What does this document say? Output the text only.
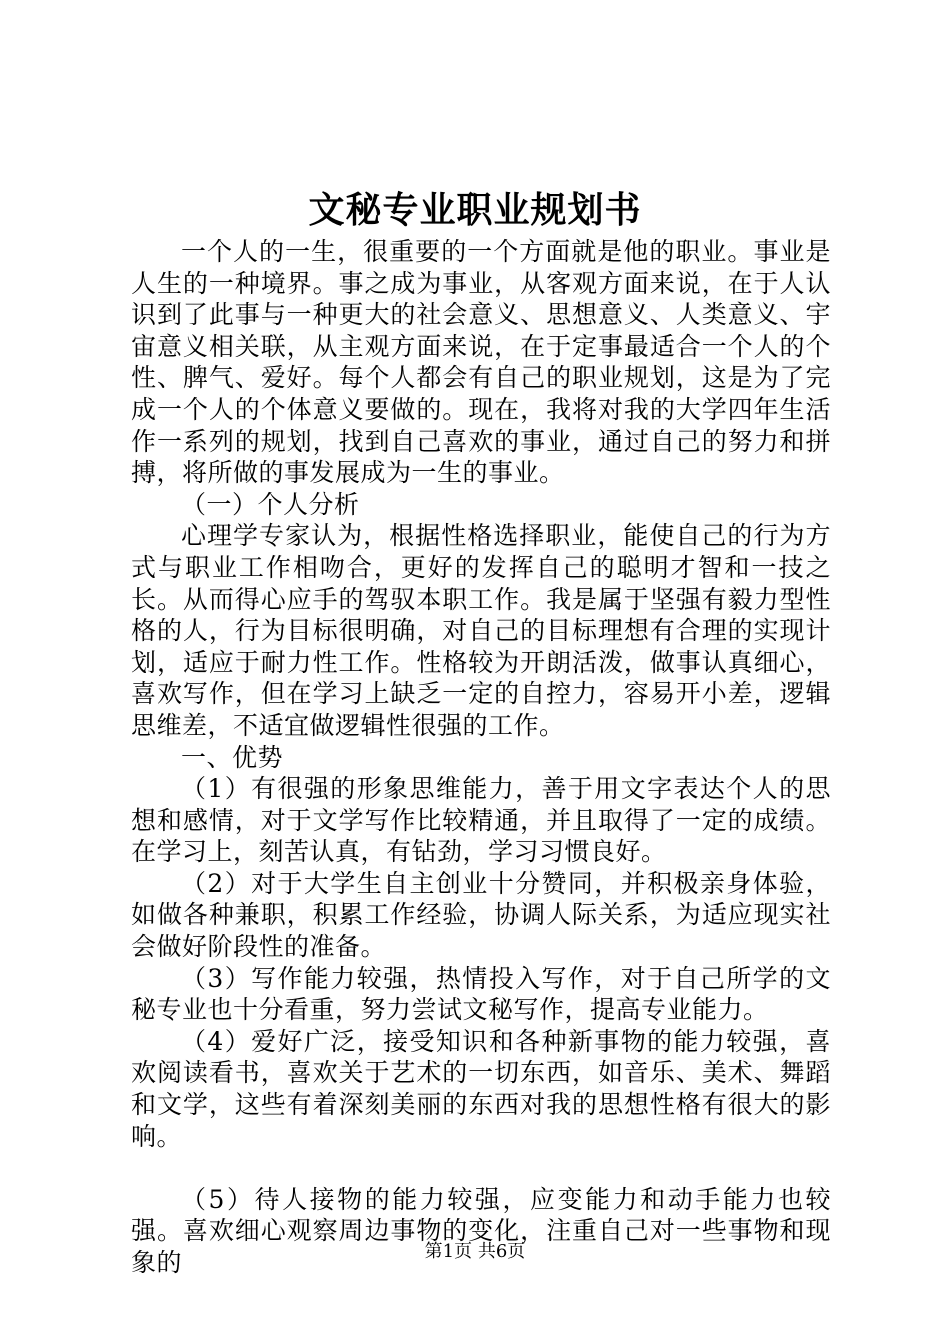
文秘专业职业规划书

一个人的一生，很重要的一个方面就是他的职业。事业是人生的一种境界。事之成为事业，从客观方面来说，在于人认识到了此事与一种更大的社会意义、思想意义、人类意义、宇宙意义相关联，从主观方面来说，在于定事最适合一个人的个性、脾气、爱好。每个人都会有自己的职业规划，这是为了完成一个人的个体意义要做的。现在，我将对我的大学四年生活作一系列的规划，找到自己喜欢的事业，通过自己的努力和拼搏，将所做的事发展成为一生的事业。

（一）个人分析

心理学专家认为，根据性格选择职业，能使自己的行为方式与职业工作相吻合，更好的发挥自己的聪明才智和一技之长。从而得心应手的驾驭本职工作。我是属于坚强有毅力型性格的人，行为目标很明确，对自己的目标理想有合理的实现计划，适应于耐力性工作。性格较为开朗活泼，做事认真细心，喜欢写作，但在学习上缺乏一定的自控力，容易开小差，逻辑思维差，不适宜做逻辑性很强的工作。

一、优势

（1）有很强的形象思维能力，善于用文字表达个人的思想和感情，对于文学写作比较精通，并且取得了一定的成绩。在学习上，刻苦认真，有钻劲，学习习惯良好。

（2）对于大学生自主创业十分赞同，并积极亲身体验，如做各种兼职，积累工作经验，协调人际关系，为适应现实社会做好阶段性的准备。

（3）写作能力较强，热情投入写作，对于自己所学的文秘专业也十分看重，努力尝试文秘写作，提高专业能力。

（4）爱好广泛，接受知识和各种新事物的能力较强，喜欢阅读看书，喜欢关于艺术的一切东西，如音乐、美术、舞蹈和文学，这些有着深刻美丽的东西对我的思想性格有很大的影响。

（5）待人接物的能力较强，应变能力和动手能力也较强。喜欢细心观察周边事物的变化，注重自己对一些事物和现象的	第1页 共6页
